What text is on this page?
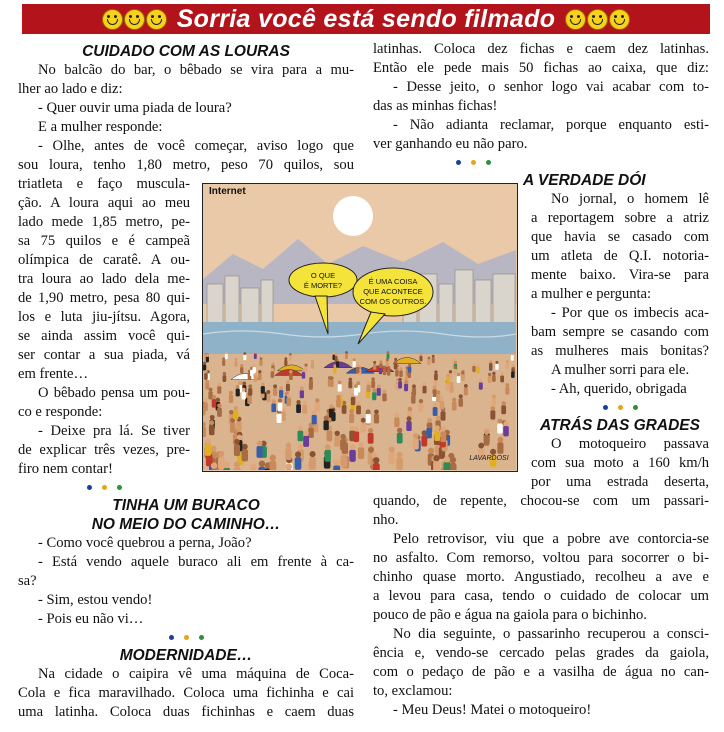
Sorria você está sendo filmado
CUIDADO COM AS LOURAS
No balcão do bar, o bêbado se vira para a mu-
lher ao lado e diz:
- Quer ouvir uma piada de loura?
E a mulher responde:
- Olhe, antes de você começar, aviso logo que
sou loura, tenho 1,80 metro, peso 70 quilos, sou
triatleta e faço muscula-
ção. A loura aqui ao meu
lado mede 1,85 metro, pe-
sa 75 quilos e é campeã
olímpica de caratê. A ou-
tra loura ao lado dela me-
de 1,90 metro, pesa 80 qui-
los e luta jiu-jítsu. Agora,
se ainda assim você qui-
ser contar a sua piada, vá
em frente…
O bêbado pensa um pou-
co e responde:
- Deixe pra lá. Se tiver
de explicar três vezes, pre-
firo nem contar!
TINHA UM BURACO
NO MEIO DO CAMINHO…
- Como você quebrou a perna, João?
- Está vendo aquele buraco ali em frente à ca-
sa?
- Sim, estou vendo!
- Pois eu não vi…
MODERNIDADE…
Na cidade o caipira vê uma máquina de Coca-
Cola e fica maravilhado. Coloca uma fichinha e cai
uma latinha. Coloca duas fichinhas e caem duas
latinhas. Coloca dez fichas e caem dez latinhas.
Então ele pede mais 50 fichas ao caixa, que diz:
- Desse jeito, o senhor logo vai acabar com to-
das as minhas fichas!
- Não adianta reclamar, porque enquanto esti-
ver ganhando eu não paro.
A VERDADE DÓI
No jornal, o homem lê
a reportagem sobre a atriz
que havia se casado com
um atleta de Q.I. notoria-
mente baixo. Vira-se para
a mulher e pergunta:
- Por que os imbecis aca-
bam sempre se casando com
as mulheres mais bonitas?
A mulher sorri para ele.
- Ah, querido, obrigada
ATRÁS DAS GRADES
O motoqueiro passava
com sua moto a 160 km/h
por uma estrada deserta,
quando, de repente, chocou-se com um passari-
nho.
Pelo retrovisor, viu que a pobre ave contorcia-se
no asfalto. Com remorso, voltou para socorrer o bi-
chinho quase morto. Angustiado, recolheu a ave e
a levou para casa, tendo o cuidado de colocar um
pouco de pão e água na gaiola para o bichinho.
No dia seguinte, o passarinho recuperou a consci-
ência e, vendo-se cercado pelas grades da gaiola,
com o pedaço de pão e a vasilha de água no can-
to, exclamou:
- Meu Deus! Matei o motoqueiro!
O QUE
É MORTE?	É UMA COISA
QUE ACONTECE
COM OS OUTROS.
LAVARDOSI
Internet
